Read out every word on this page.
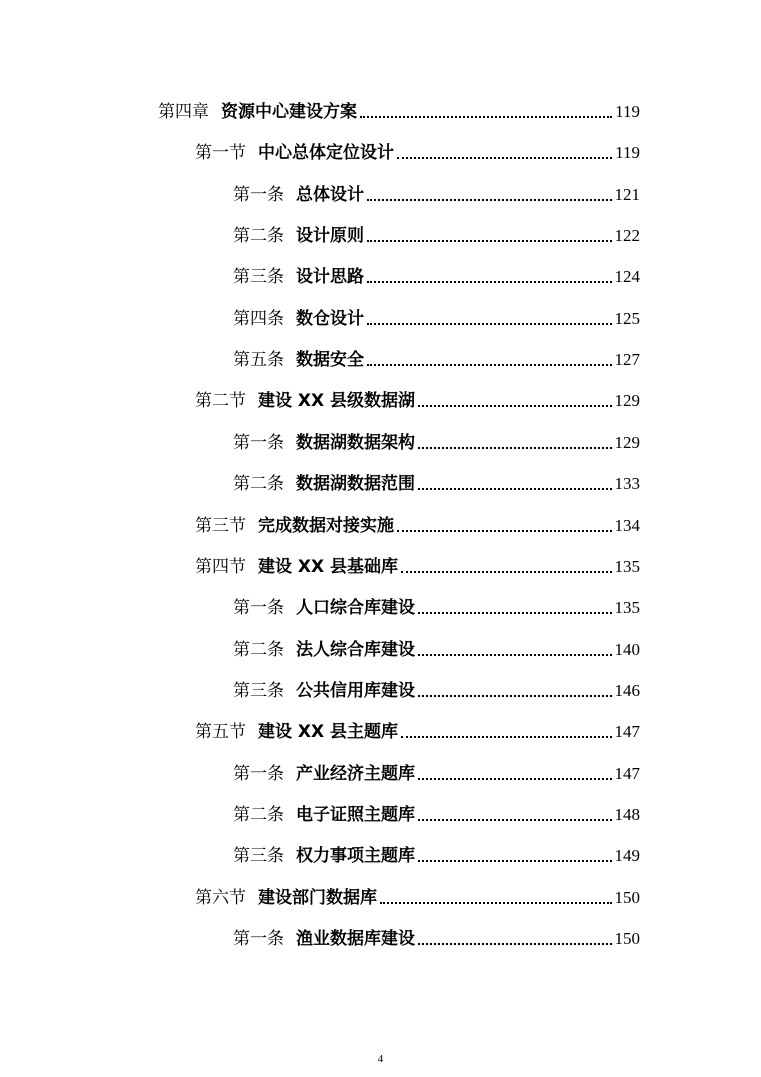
第四章 资源中心建设方案	119
第一节 中心总体定位设计	119
第一条 总体设计	121
第二条 设计原则	122
第三条 设计思路	124
第四条 数仓设计	125
第五条 数据安全	127
第二节 建设 XX 县级数据湖	129
第一条 数据湖数据架构	129
第二条 数据湖数据范围	133
第三节 完成数据对接实施	134
第四节 建设 XX 县基础库	135
第一条 人口综合库建设	135
第二条 法人综合库建设	140
第三条 公共信用库建设	146
第五节 建设 XX 县主题库	147
第一条 产业经济主题库	147
第二条 电子证照主题库	148
第三条 权力事项主题库	149
第六节 建设部门数据库	150
第一条 渔业数据库建设	150
4
